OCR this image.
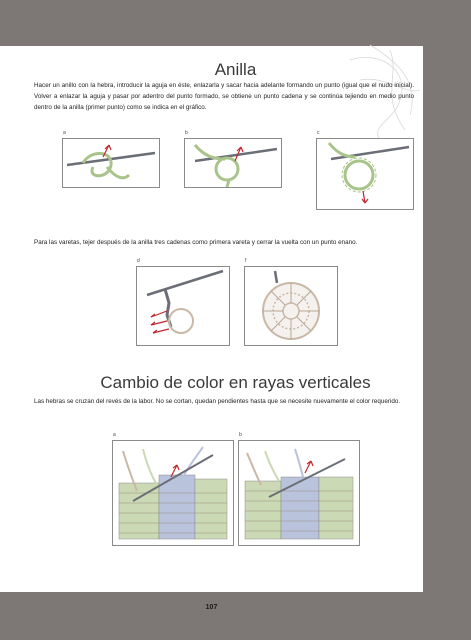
Anilla

Hacer un anillo con la hebra, introducir la aguja en éste, enlazarla y sacar hacia adelante formando un punto (igual que el nudo inicial). Volver a enlazar la aguja y pasar por adentro del punto formado, se obtiene un punto cadena y se continúa tejiendo en medio punto dentro de la anilla (primer punto) como se indica en el gráfico.

a	b	c

Para las varetas, tejer después de la anilla tres cadenas como primera vareta y cerrar la vuelta con un punto enano.

d	f
Cambio de color en rayas verticales

Las hebras se cruzan del revés de la labor. No se cortan, quedan pendientes hasta que se necesite nuevamente el color requerido.

a	b
107
